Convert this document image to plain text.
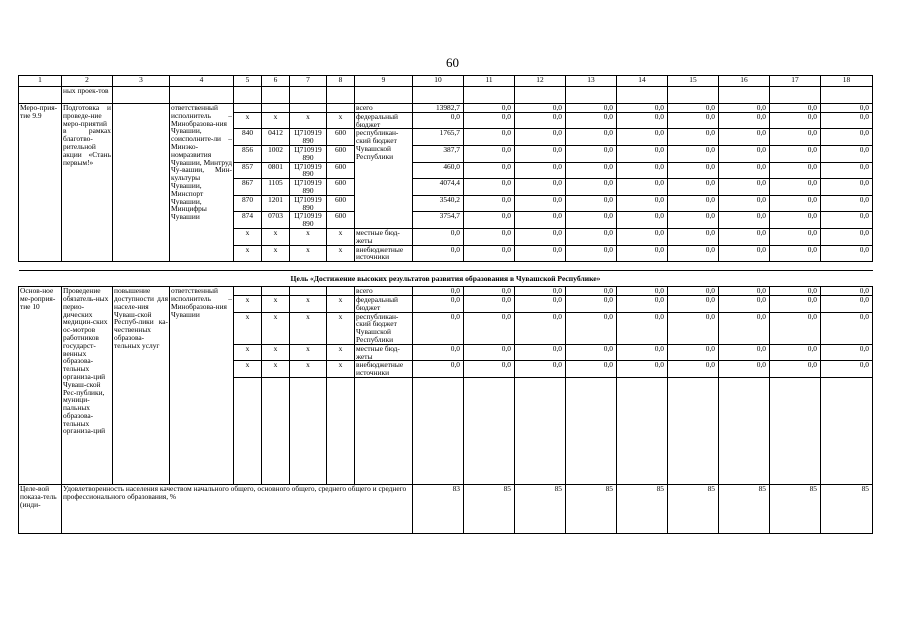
60
1	2	3	4	5	6	7	8	9	10	11	12	13	14	15	16	17	18
	ных проек-тов																
Меро-прия-тие 9.9	Подготовка и проведе-ние меро-приятий в рамках благотво-рительной акции «Стань первым!»		ответственный исполнитель – Минобразова-ния Чувашии, соисполните-ли – Минэко-номразвития Чувашии, Минтруд Чу-вашии, Мин-культуры Чувашии, Минспорт Чувашии, Минцифры Чувашии					всего	13982,7	0,0	0,0	0,0	0,0	0,0	0,0	0,0	0,0
				x	x	x	x	федеральный бюджет	0,0	0,0	0,0	0,0	0,0	0,0	0,0	0,0	0,0
				840	0412	Ц710919 890	600	республикан-ский бюджет Чувашской Республики	1765,7	0,0	0,0	0,0	0,0	0,0	0,0	0,0	0,0
				856	1002	Ц710919 890	600		387,7	0,0	0,0	0,0	0,0	0,0	0,0	0,0	0,0
				857	0801	Ц710919 890	600		460,0	0,0	0,0	0,0	0,0	0,0	0,0	0,0	0,0
				867	1105	Ц710919 890	600		4074,4	0,0	0,0	0,0	0,0	0,0	0,0	0,0	0,0
				870	1201	Ц710919 890	600		3540,2	0,0	0,0	0,0	0,0	0,0	0,0	0,0	0,0
				874	0703	Ц710919 890	600		3754,7	0,0	0,0	0,0	0,0	0,0	0,0	0,0	0,0
				x	x	x	x	местные бюд-жеты	0,0	0,0	0,0	0,0	0,0	0,0	0,0	0,0	0,0
				x	x	x	x	внебюджетные источники	0,0	0,0	0,0	0,0	0,0	0,0	0,0	0,0	0,0

Цель «Достижение высоких результатов развития образования в Чувашской Республике»																	
Основ-ное ме-роприя-тие 10	Проведение обязатель-ных перио-дических медицин-ских ос-мотров работников государст-венных образова-тельных организа-ций Чуваш-ской Рес-публики, муници-пальных образова-тельных организа-ций	повышение доступности для населе-ния Чуваш-ской Респуб-лики ка-чественных образова-тельных услуг	ответственный исполнитель – Минобразова-ния Чувашии					всего	0,0	0,0	0,0	0,0	0,0	0,0	0,0	0,0	0,0
				x	x	x	x	федеральный бюджет	0,0	0,0	0,0	0,0	0,0	0,0	0,0	0,0	0,0
				x	x	x	x	республикан-ский бюджет Чувашской Республики	0,0	0,0	0,0	0,0	0,0	0,0	0,0	0,0	0,0
				x	x	x	x	местные бюд-жеты	0,0	0,0	0,0	0,0	0,0	0,0	0,0	0,0	0,0
				x	x	x	x	внебюджетные источники	0,0	0,0	0,0	0,0	0,0	0,0	0,0	0,0	0,0

Целе-вой показа-тель (инди-	Удовлетворенность населения качеством начального общего, основного общего, среднего общего и среднего профессионального образования, %								83	85	85	85	85	85	85	85	85
